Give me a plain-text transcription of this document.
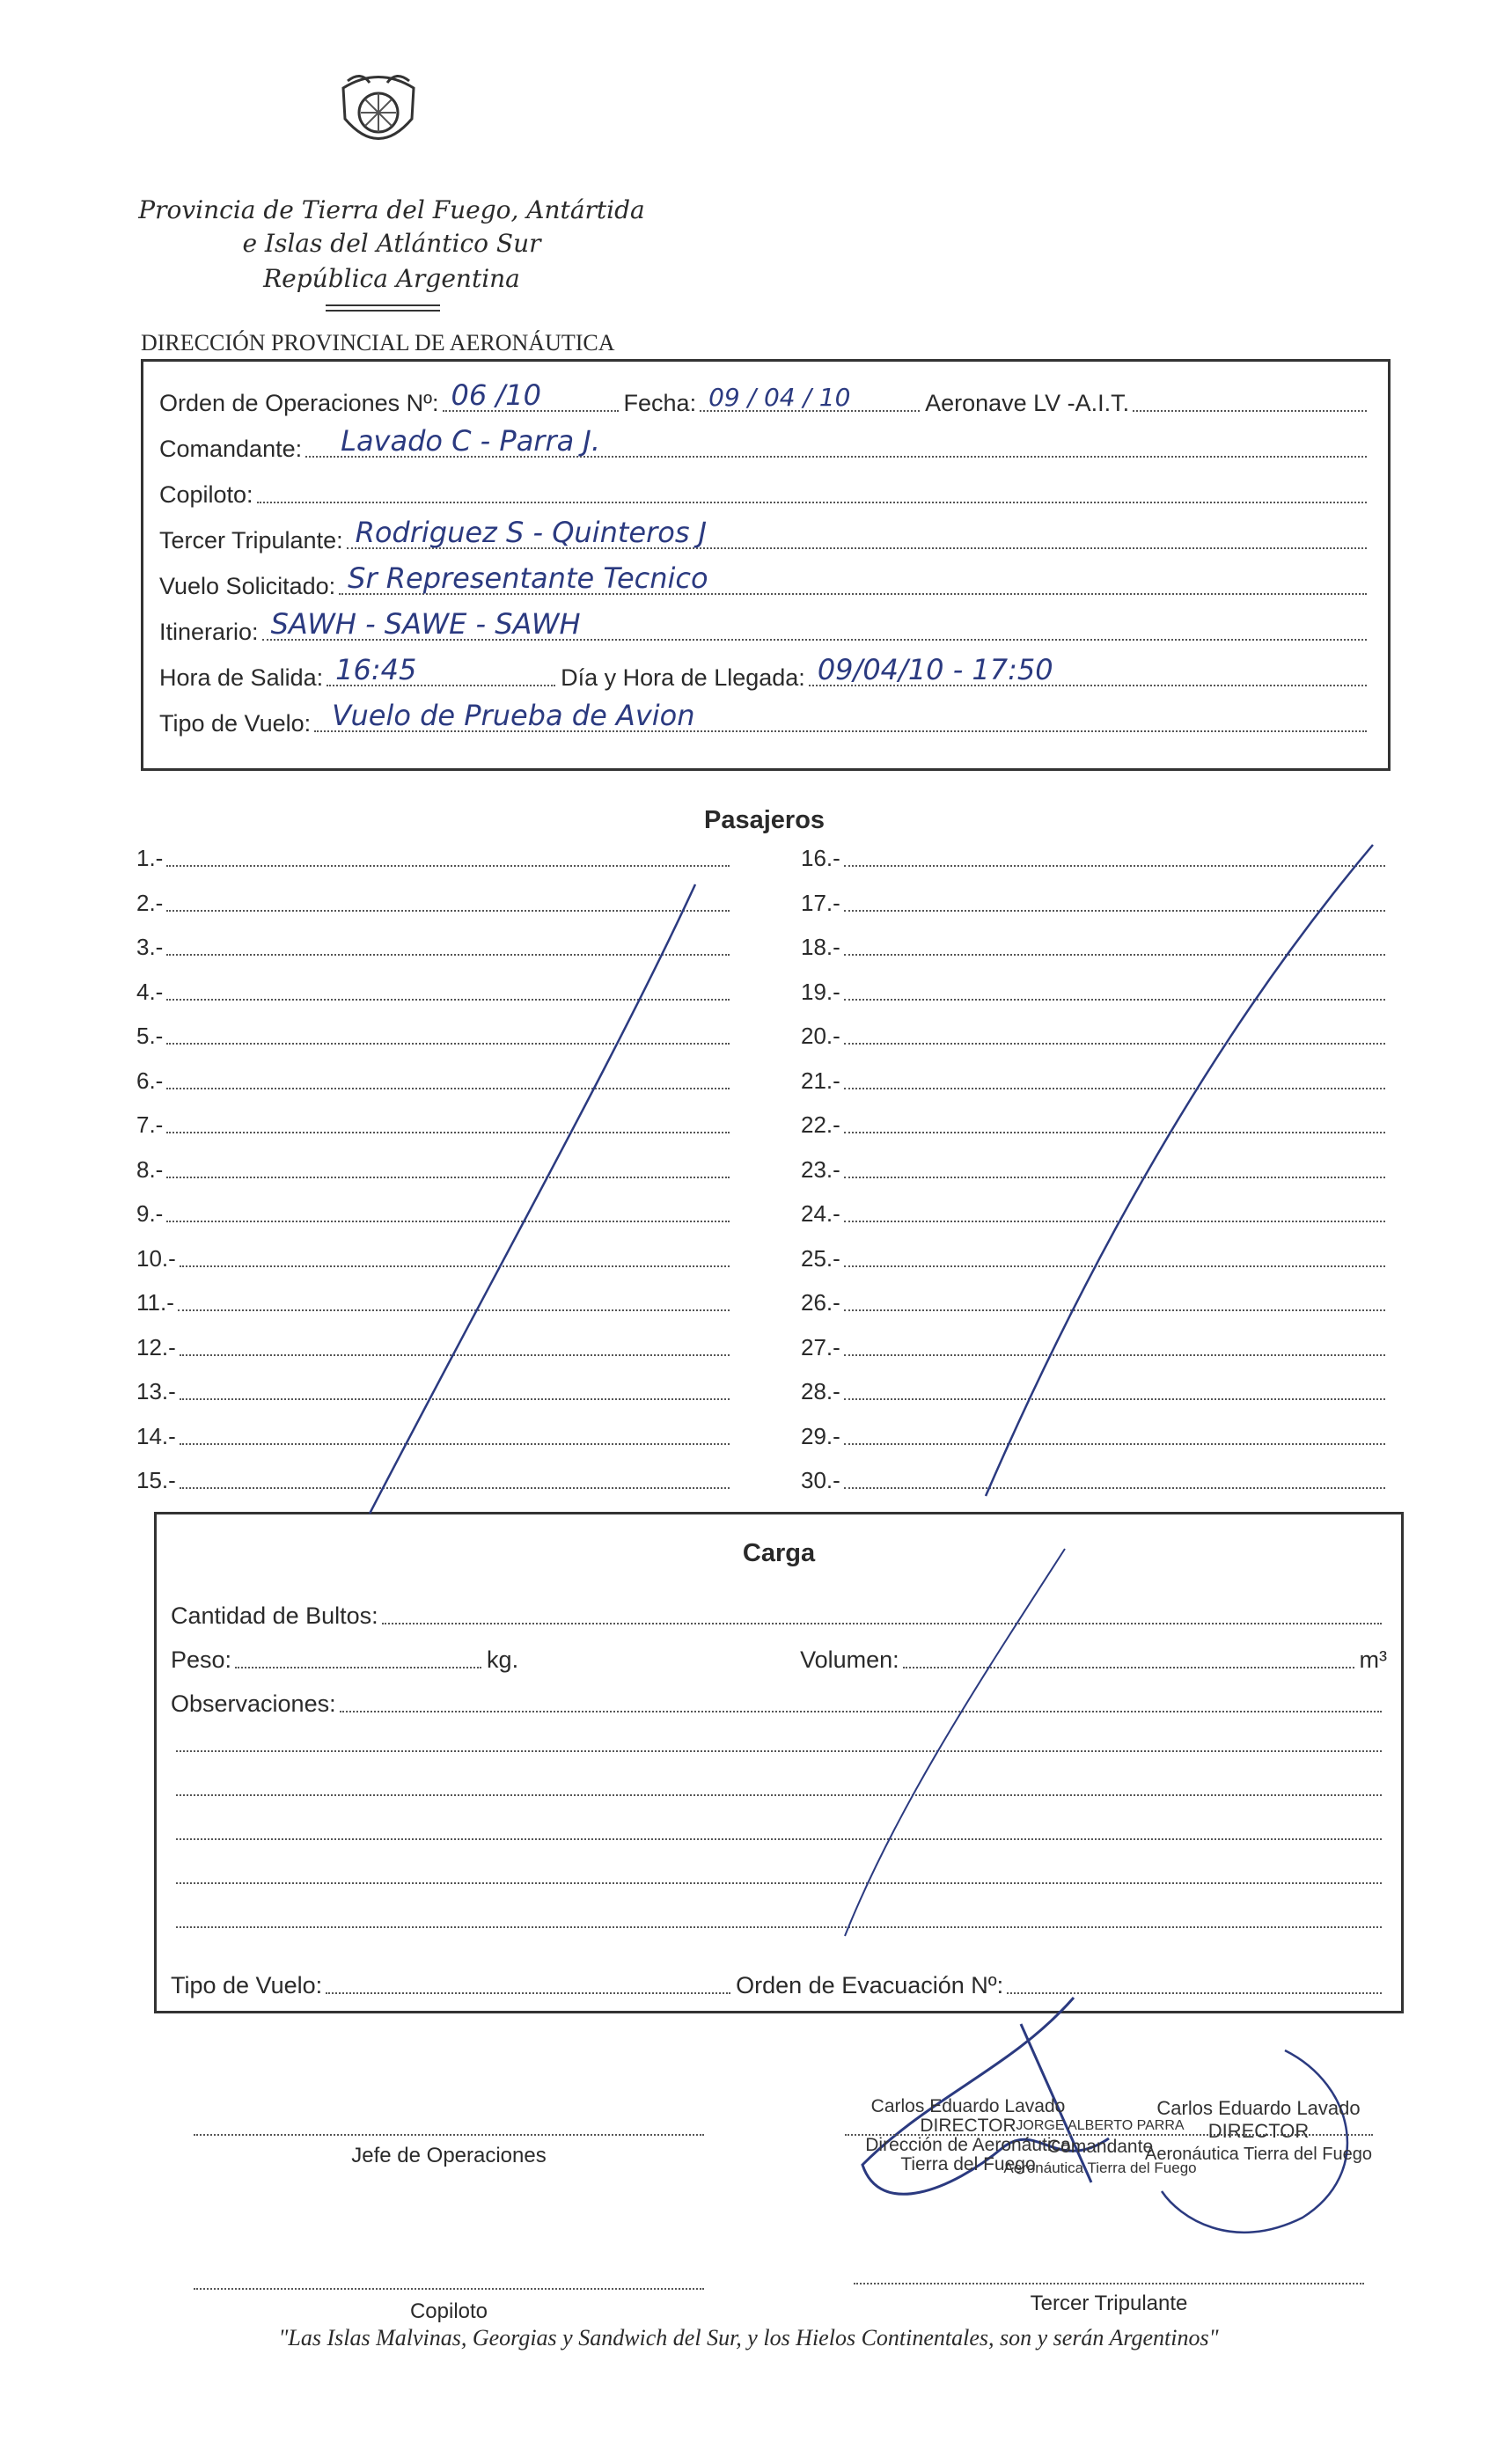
Provincia de Tierra del Fuego, Antártida
e Islas del Atlántico Sur
República Argentina
DIRECCIÓN PROVINCIAL DE AERONÁUTICA
Orden de Operaciones Nº: 06 /10	Fecha: 09 / 04 / 10	Aeronave LV -A.I.T.
Comandante: Lavado C - Parra J.
Copiloto:
Tercer Tripulante: Rodriguez S - Quinteros J
Vuelo Solicitado: Sr Representante Tecnico
Itinerario: SAWH - SAWE - SAWH
Hora de Salida: 16:45	Día y Hora de Llegada: 09/04/10 - 17:50
Tipo de Vuelo: Vuelo de Prueba de Avion
Pasajeros
1.-
2.-
3.-
4.-
5.-
6.-
7.-
8.-
9.-
10.-
11.-
12.-
13.-
14.-
15.-
16.-
17.-
18.-
19.-
20.-
21.-
22.-
23.-
24.-
25.-
26.-
27.-
28.-
29.-
30.-
Carga
Cantidad de Bultos:
Peso:	kg.	Volumen:	m³
Observaciones:
Tipo de Vuelo:	Orden de Evacuación Nº:
Jefe de Operaciones
Carlos Eduardo Lavado
DIRECTOR
Dirección de Aeronáutica
Tierra del Fuego
JORGE ALBERTO PARRA
Comandante
Aeronáutica Tierra del Fuego
Carlos Eduardo Lavado
DIRECTOR
Aeronáutica Tierra del Fuego
Copiloto	Tercer Tripulante
"Las Islas Malvinas, Georgias y Sandwich del Sur, y los Hielos Continentales, son y serán Argentinos"
